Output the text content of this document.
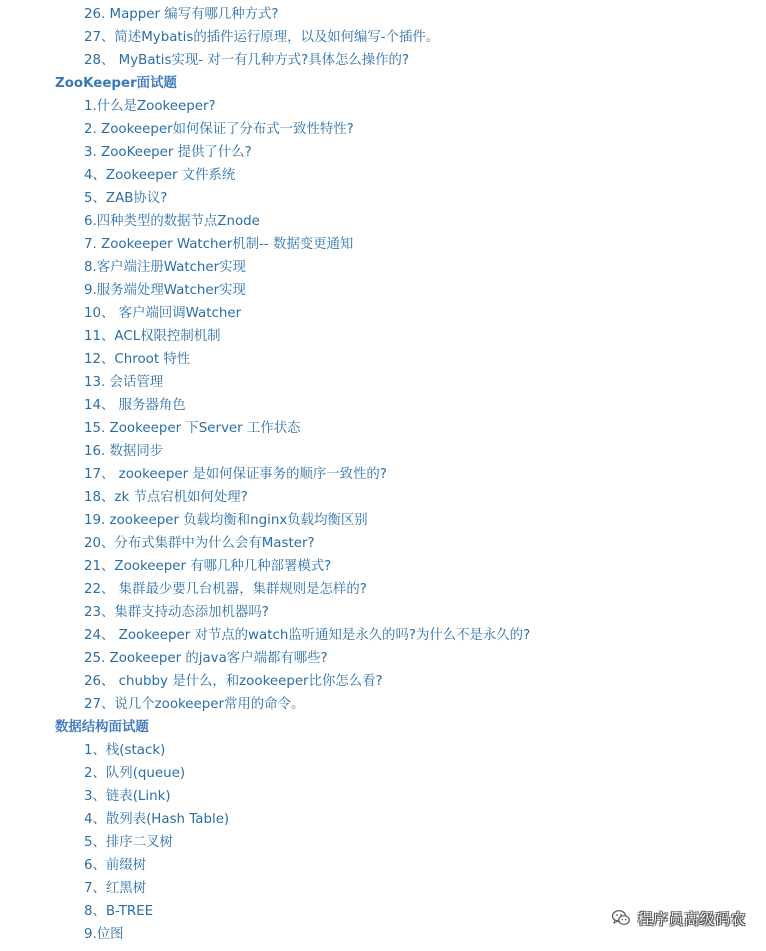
26. Mapper 编写有哪几种方式?
27、简述Mybatis的插件运行原理，以及如何编写-个插件。
28、 MyBatis实现- 对一有几种方式?具体怎么操作的?
ZooKeeper面试题
1.什么是Zookeeper?
2. Zookeeper如何保证了分布式一致性特性?
3. ZooKeeper 提供了什么?
4、Zookeeper 文件系统
5、ZAB协议?
6.四种类型的数据节点Znode
7. Zookeeper Watcher机制-- 数据变更通知
8.客户端注册Watcher实现
9.服务端处理Watcher实现
10、 客户端回调Watcher
11、ACL权限控制机制
12、Chroot 特性
13. 会话管理
14、 服务器角色
15. Zookeeper 下Server 工作状态
16. 数据同步
17、 zookeeper 是如何保证事务的顺序一致性的?
18、zk 节点宕机如何处理?
19. zookeeper 负载均衡和nginx负载均衡区别
20、分布式集群中为什么会有Master?
21、Zookeeper 有哪几种几种部署模式?
22、 集群最少要几台机器，集群规则是怎样的?
23、集群支持动态添加机器吗?
24、 Zookeeper 对节点的watch监听通知是永久的吗?为什么不是永久的?
25. Zookeeper 的java客户端都有哪些?
26、 chubby 是什么，和zookeeper比你怎么看?
27、说几个zookeeper常用的命令。
数据结构面试题
1、栈(stack)
2、队列(queue)
3、链表(Link)
4、散列表(Hash Table)
5、排序二叉树
6、前缀树
7、红黑树
8、B-TREE
9.位图
程序员高级码农
